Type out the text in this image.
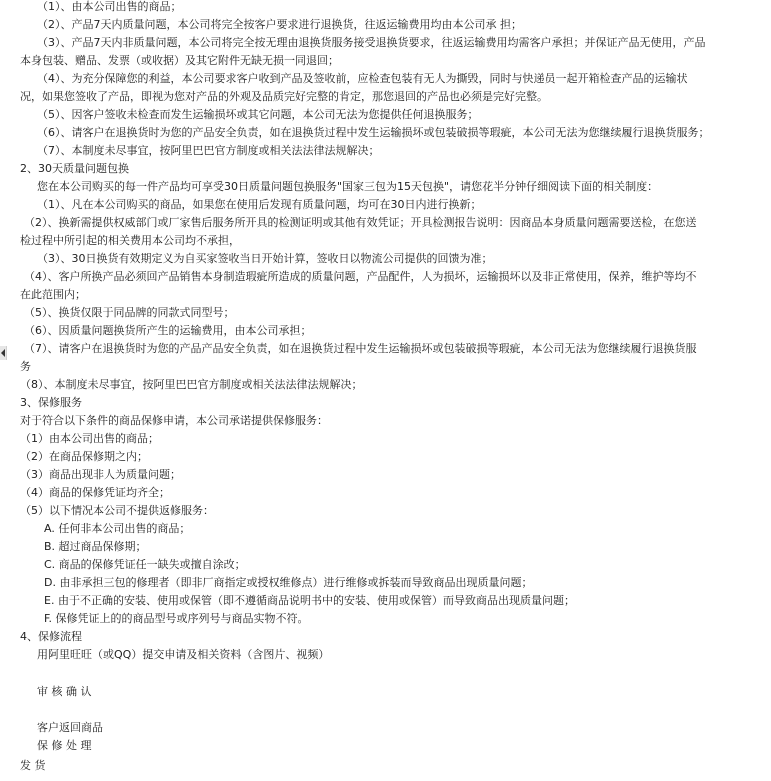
（1）、由本公司出售的商品；
（2）、产品7天内质量问题，本公司将完全按客户要求进行退换货，往返运输费用均由本公司承 担；
（3）、产品7天内非质量问题，本公司将完全按无理由退换货服务接受退换货要求，往返运输费用均需客户承担；并保证产品无使用，产品
本身包装、赠品、发票（或收据）及其它附件无缺无损一同退回；
（4）、为充分保障您的利益，本公司要求客户收到产品及签收前，应检查包装有无人为撕毁，同时与快递员一起开箱检查产品的运输状
况，如果您签收了产品，即视为您对产品的外观及品质完好完整的肯定，那您退回的产品也必须是完好完整。
（5）、因客户签收未检查而发生运输损坏或其它问题，本公司无法为您提供任何退换服务；
（6）、请客户在退换货时为您的产品安全负责，如在退换货过程中发生运输损坏或包装破损等瑕疵，本公司无法为您继续履行退换货服务；
（7）、本制度未尽事宜，按阿里巴巴官方制度或相关法法律法规解决；
2、30天质量问题包换
您在本公司购买的每一件产品均可享受30日质量问题包换服务"国家三包为15天包换"，请您花半分钟仔细阅读下面的相关制度：
（1）、凡在本公司购买的商品，如果您在使用后发现有质量问题，均可在30日内进行换新；
（2）、换新需提供权威部门或厂家售后服务所开具的检测证明或其他有效凭证；开具检测报告说明：因商品本身质量问题需要送检，在您送
检过程中所引起的相关费用本公司均不承担，
（3）、30日换货有效期定义为自买家签收当日开始计算，签收日以物流公司提供的回馈为准；
（4）、客户所换产品必须回产品销售本身制造瑕疵所造成的质量问题，产品配件，人为损坏，运输损坏以及非正常使用，保养，维护等均不
在此范围内；
（5）、换货仅限于同品牌的同款式同型号；
（6）、因质量问题换货所产生的运输费用，由本公司承担；
（7）、请客户在退换货时为您的产品产品安全负责，如在退换货过程中发生运输损坏或包装破损等瑕疵，本公司无法为您继续履行退换货服
务
（8）、本制度未尽事宜，按阿里巴巴官方制度或相关法法律法规解决；
3、保修服务
对于符合以下条件的商品保修申请，本公司承诺提供保修服务：
（1）由本公司出售的商品；
（2）在商品保修期之内；
（3）商品出现非人为质量问题；
（4）商品的保修凭证均齐全；
（5）以下情况本公司不提供返修服务：
A. 任何非本公司出售的商品；
B. 超过商品保修期；
C. 商品的保修凭证任一缺失或擅自涂改；
D. 由非承担三包的修理者（即非厂商指定或授权维修点）进行维修或拆装而导致商品出现质量问题；
E. 由于不正确的安装、使用或保管（即不遵循商品说明书中的安装、使用或保管）而导致商品出现质量问题；
F. 保修凭证上的的商品型号或序列号与商品实物不符。
4、保修流程
用阿里旺旺（或QQ）提交申请及相关资料（含图片、视频）
审 核 确 认
客户返回商品
保 修 处 理
发 货
